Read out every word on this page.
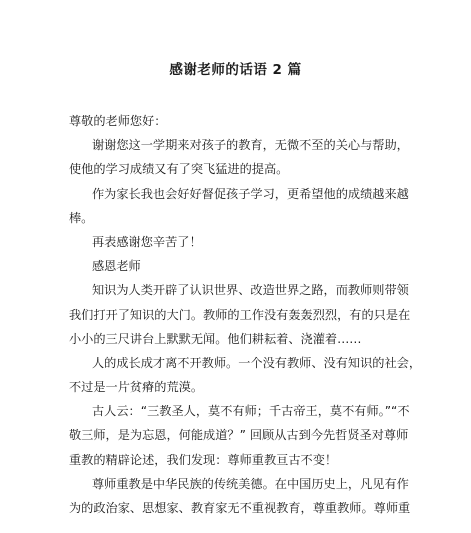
感谢老师的话语 2 篇
尊敬的老师您好：
谢谢您这一学期来对孩子的教育，无微不至的关心与帮助，
使他的学习成绩又有了突飞猛进的提高。
作为家长我也会好好督促孩子学习，更希望他的成绩越来越
棒。
再表感谢您辛苦了！
感恩老师
知识为人类开辟了认识世界、改造世界之路，而教师则带领
我们打开了知识的大门。教师的工作没有轰轰烈烈，有的只是在
小小的三尺讲台上默默无闻。他们耕耘着、浇灌着……
人的成长成才离不开教师。一个没有教师、没有知识的社会，
不过是一片贫瘠的荒漠。
古人云：“三教圣人，莫不有师；千古帝王，莫不有师。”“不
敬三师，是为忘恩，何能成道？” 回顾从古到今先哲贤圣对尊师
重教的精辟论述，我们发现：尊师重教亘古不变！
尊师重教是中华民族的传统美德。在中国历史上，凡见有作
为的政治家、思想家、教育家无不重视教育，尊重教师。尊师重
